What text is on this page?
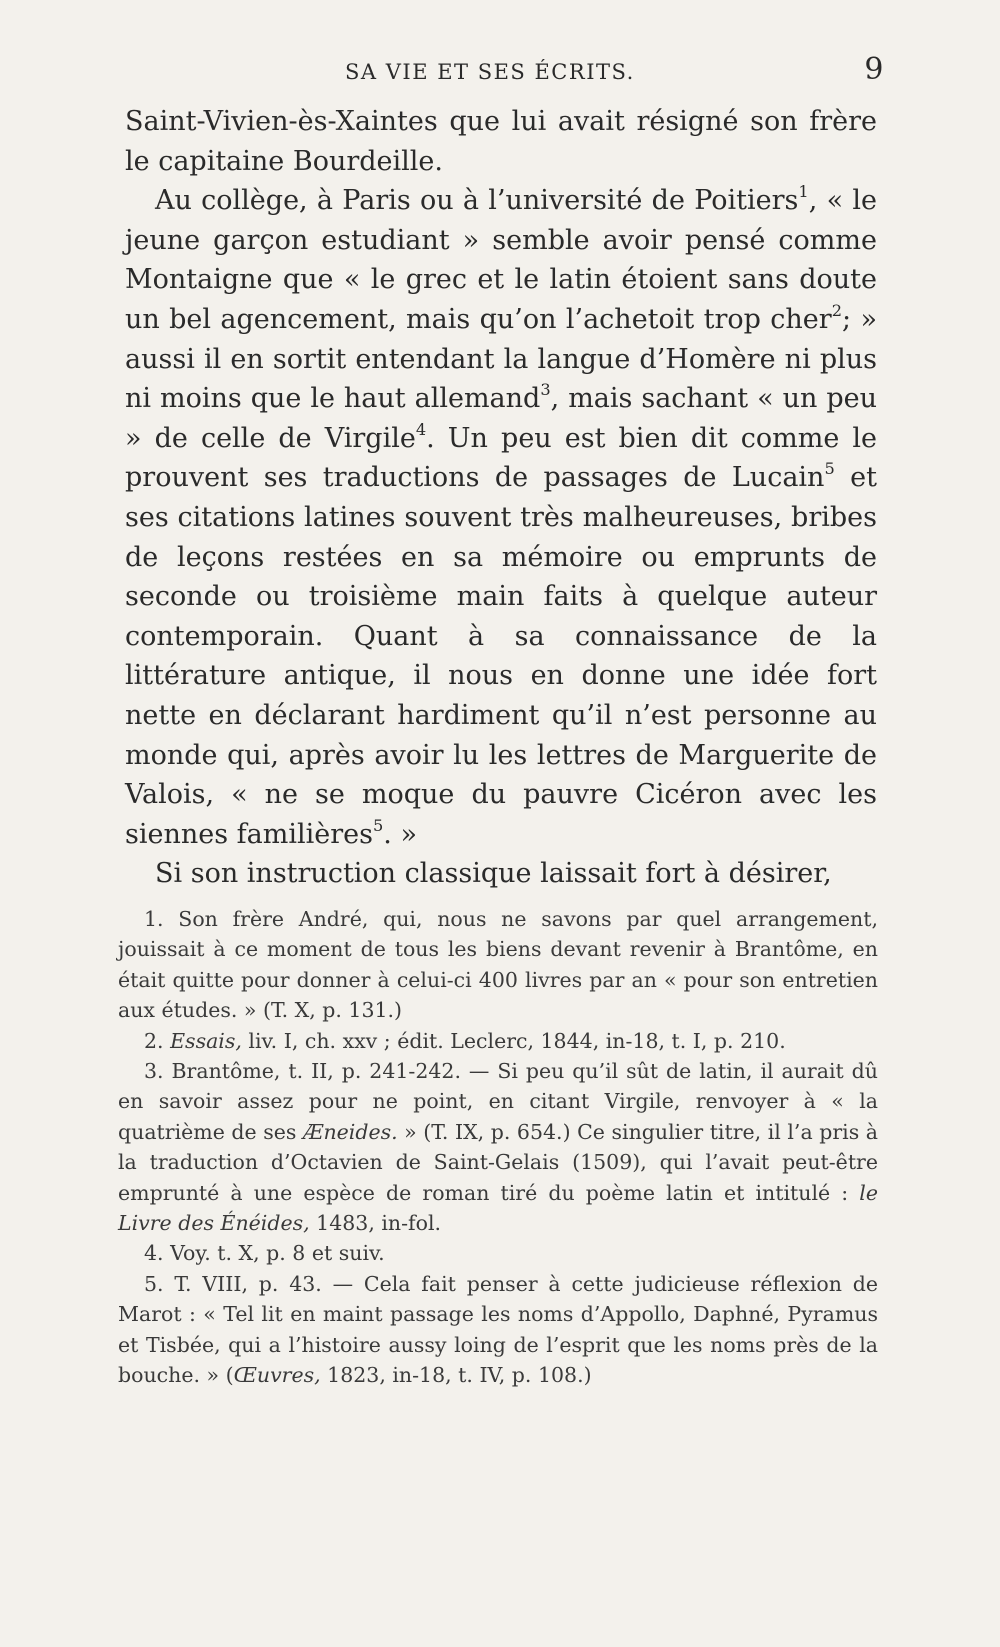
SA VIE ET SES ÉCRITS.	9

Saint-Vivien-ès-Xaintes que lui avait résigné son frère le capitaine Bourdeille.

Au collège, à Paris ou à l’université de Poitiers$^1$, « le jeune garçon estudiant » semble avoir pensé comme Montaigne que « le grec et le latin étoient sans doute un bel agencement, mais qu’on l’achetoit trop cher$^2$; » aussi il en sortit entendant la langue d’Homère ni plus ni moins que le haut allemand$^3$, mais sachant « un peu » de celle de Virgile$^4$. Un peu est bien dit comme le prouvent ses traductions de passages de Lucain$^5$ et ses citations latines souvent très malheureuses, bribes de leçons restées en sa mémoire ou emprunts de seconde ou troisième main faits à quelque auteur contemporain. Quant à sa connaissance de la littérature antique, il nous en donne une idée fort nette en déclarant hardiment qu’il n’est personne au monde qui, après avoir lu les lettres de Marguerite de Valois, « ne se moque du pauvre Cicéron avec les siennes familières$^5$. »

Si son instruction classique laissait fort à désirer,

1. Son frère André, qui, nous ne savons par quel arrangement, jouissait à ce moment de tous les biens devant revenir à Brantôme, en était quitte pour donner à celui-ci 400 livres par an « pour son entretien aux études. » (T. X, p. 131.)

2. Essais, liv. I, ch. xxv ; édit. Leclerc, 1844, in-18, t. I, p. 210.

3. Brantôme, t. II, p. 241-242. — Si peu qu’il sût de latin, il aurait dû en savoir assez pour ne point, en citant Virgile, renvoyer à « la quatrième de ses Æneides. » (T. IX, p. 654.) Ce singulier titre, il l’a pris à la traduction d’Octavien de Saint-Gelais (1509), qui l’avait peut-être emprunté à une espèce de roman tiré du poème latin et intitulé : le Livre des Énéides, 1483, in-fol.

4. Voy. t. X, p. 8 et suiv.

5. T. VIII, p. 43. — Cela fait penser à cette judicieuse réflexion de Marot : « Tel lit en maint passage les noms d’Appollo, Daphné, Pyramus et Tisbée, qui a l’histoire aussy loing de l’esprit que les noms près de la bouche. » (Œuvres, 1823, in-18, t. IV, p. 108.)
